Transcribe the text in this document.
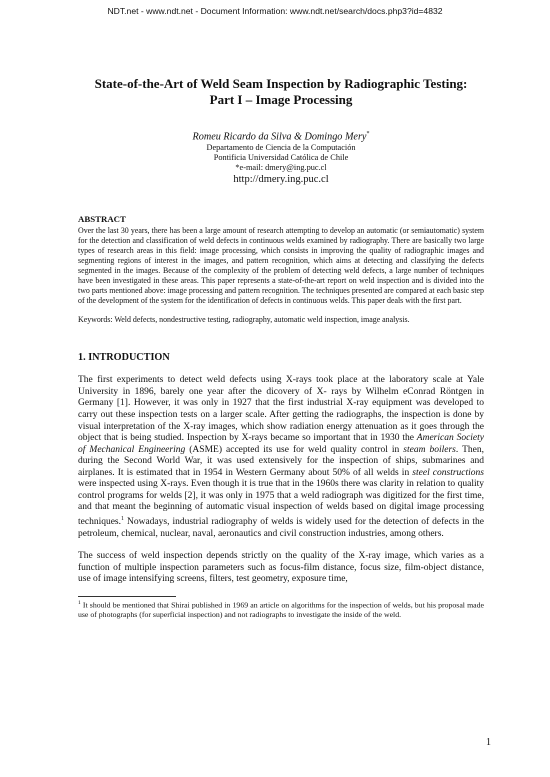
NDT.net - www.ndt.net - Document Information: www.ndt.net/search/docs.php3?id=4832
State-of-the-Art of Weld Seam Inspection by Radiographic Testing:
Part I – Image Processing
Romeu Ricardo da Silva & Domingo Mery*
Departamento de Ciencia de la Computación
Pontificia Universidad Católica de Chile
*e-mail: dmery@ing.puc.cl
http://dmery.ing.puc.cl
ABSTRACT
Over the last 30 years, there has been a large amount of research attempting to develop an automatic (or semiautomatic) system for the detection and classification of weld defects in continuous welds examined by radiography. There are basically two large types of research areas in this field: image processing, which consists in improving the quality of radiographic images and segmenting regions of interest in the images, and pattern recognition, which aims at detecting and classifying the defects segmented in the images. Because of the complexity of the problem of detecting weld defects, a large number of techniques have been investigated in these areas. This paper represents a state-of-the-art report on weld inspection and is divided into the two parts mentioned above: image processing and pattern recognition. The techniques presented are compared at each basic step of the development of the system for the identification of defects in continuous welds. This paper deals with the first part.
Keywords: Weld defects, nondestructive testing, radiography, automatic weld inspection, image analysis.
1. INTRODUCTION

The first experiments to detect weld defects using X-rays took place at the laboratory scale at Yale University in 1896, barely one year after the dicovery of X- rays by Wilhelm eConrad Röntgen in Germany [1]. However, it was only in 1927 that the first industrial X-ray equipment was developed to carry out these inspection tests on a larger scale. After getting the radiographs, the inspection is done by visual interpretation of the X-ray images, which show radiation energy attenuation as it goes through the object that is being studied. Inspection by X-rays became so important that in 1930 the American Society of Mechanical Engineering (ASME) accepted its use for weld quality control in steam boilers. Then, during the Second World War, it was used extensively for the inspection of ships, submarines and airplanes. It is estimated that in 1954 in Western Germany about 50% of all welds in steel constructions were inspected using X-rays. Even though it is true that in the 1960s there was clarity in relation to quality control programs for welds [2], it was only in 1975 that a weld radiograph was digitized for the first time, and that meant the beginning of automatic visual inspection of welds based on digital image processing techniques.$^1$ Nowadays, industrial radiography of welds is widely used for the detection of defects in the petroleum, chemical, nuclear, naval, aeronautics and civil construction industries, among others.

The success of weld inspection depends strictly on the quality of the X-ray image, which varies as a function of multiple inspection parameters such as focus-film distance, focus size, film-object distance, use of image intensifying screens, filters, test geometry, exposure time,

$^1$ It should be mentioned that Shirai published in 1969 an article on algorithms for the inspection of welds, but his proposal made use of photographs (for superficial inspection) and not radiographs to investigate the inside of the weld.
1
